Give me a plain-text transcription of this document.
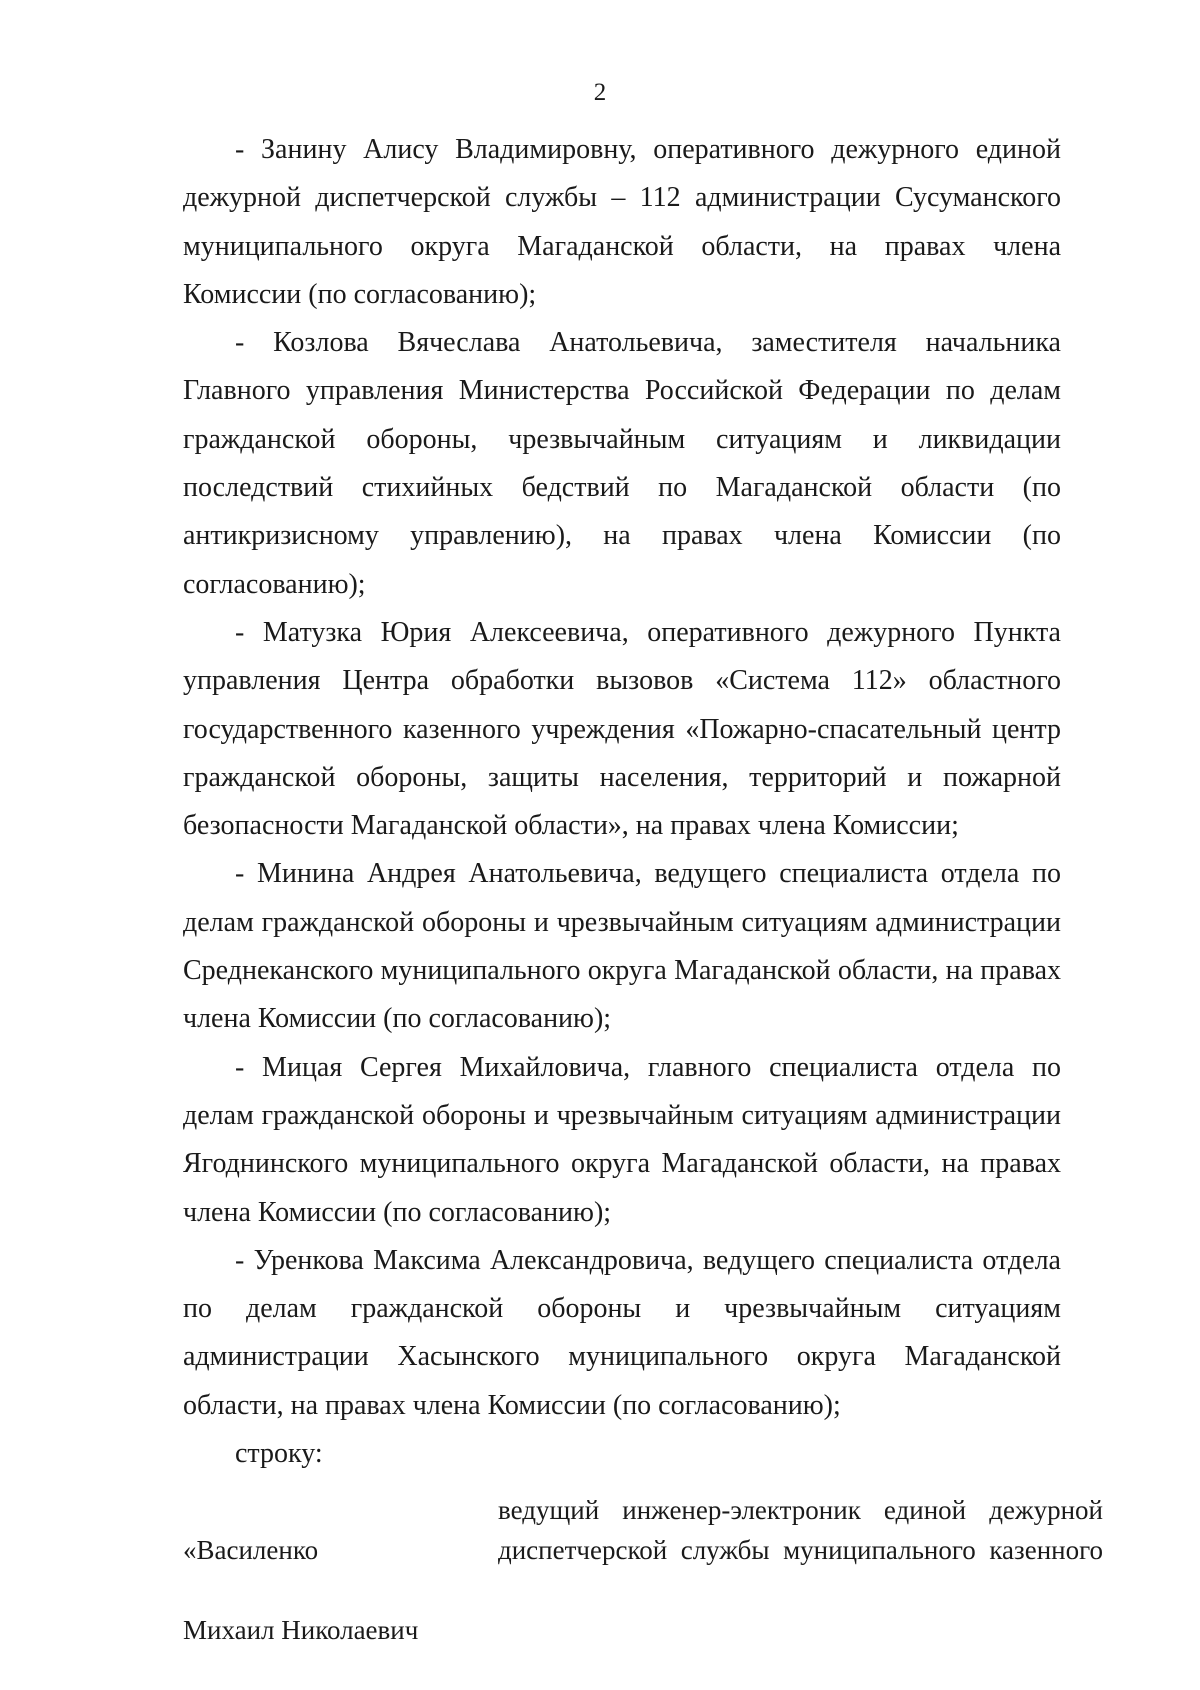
2

- Занину Алису Владимировну, оперативного дежурного единой дежурной диспетчерской службы – 112 администрации Сусуманского муниципального округа Магаданской области, на правах члена Комиссии (по согласованию);

- Козлова Вячеслава Анатольевича, заместителя начальника Главного управления Министерства Российской Федерации по делам гражданской обороны, чрезвычайным ситуациям и ликвидации последствий стихийных бедствий по Магаданской области (по антикризисному управлению), на правах члена Комиссии (по согласованию);

- Матузка Юрия Алексеевича, оперативного дежурного Пункта управления Центра обработки вызовов «Система 112» областного государственного казенного учреждения «Пожарно-спасательный центр гражданской обороны, защиты населения, территорий и пожарной безопасности Магаданской области», на правах члена Комиссии;

- Минина Андрея Анатольевича, ведущего специалиста отдела по делам гражданской обороны и чрезвычайным ситуациям администрации Среднеканского муниципального округа Магаданской области, на правах члена Комиссии (по согласованию);

- Мицая Сергея Михайловича, главного специалиста отдела по делам гражданской обороны и чрезвычайным ситуациям администрации Ягоднинского муниципального округа Магаданской области, на правах члена Комиссии (по согласованию);

- Уренкова Максима Александровича, ведущего специалиста отдела по делам гражданской обороны и чрезвычайным ситуациям администрации Хасынского муниципального округа Магаданской области, на правах члена Комиссии (по согласованию);

строку:

«Василенко

Михаил Николаевич

ведущий инженер-электроник единой дежурной
диспетчерской службы муниципального казенного
